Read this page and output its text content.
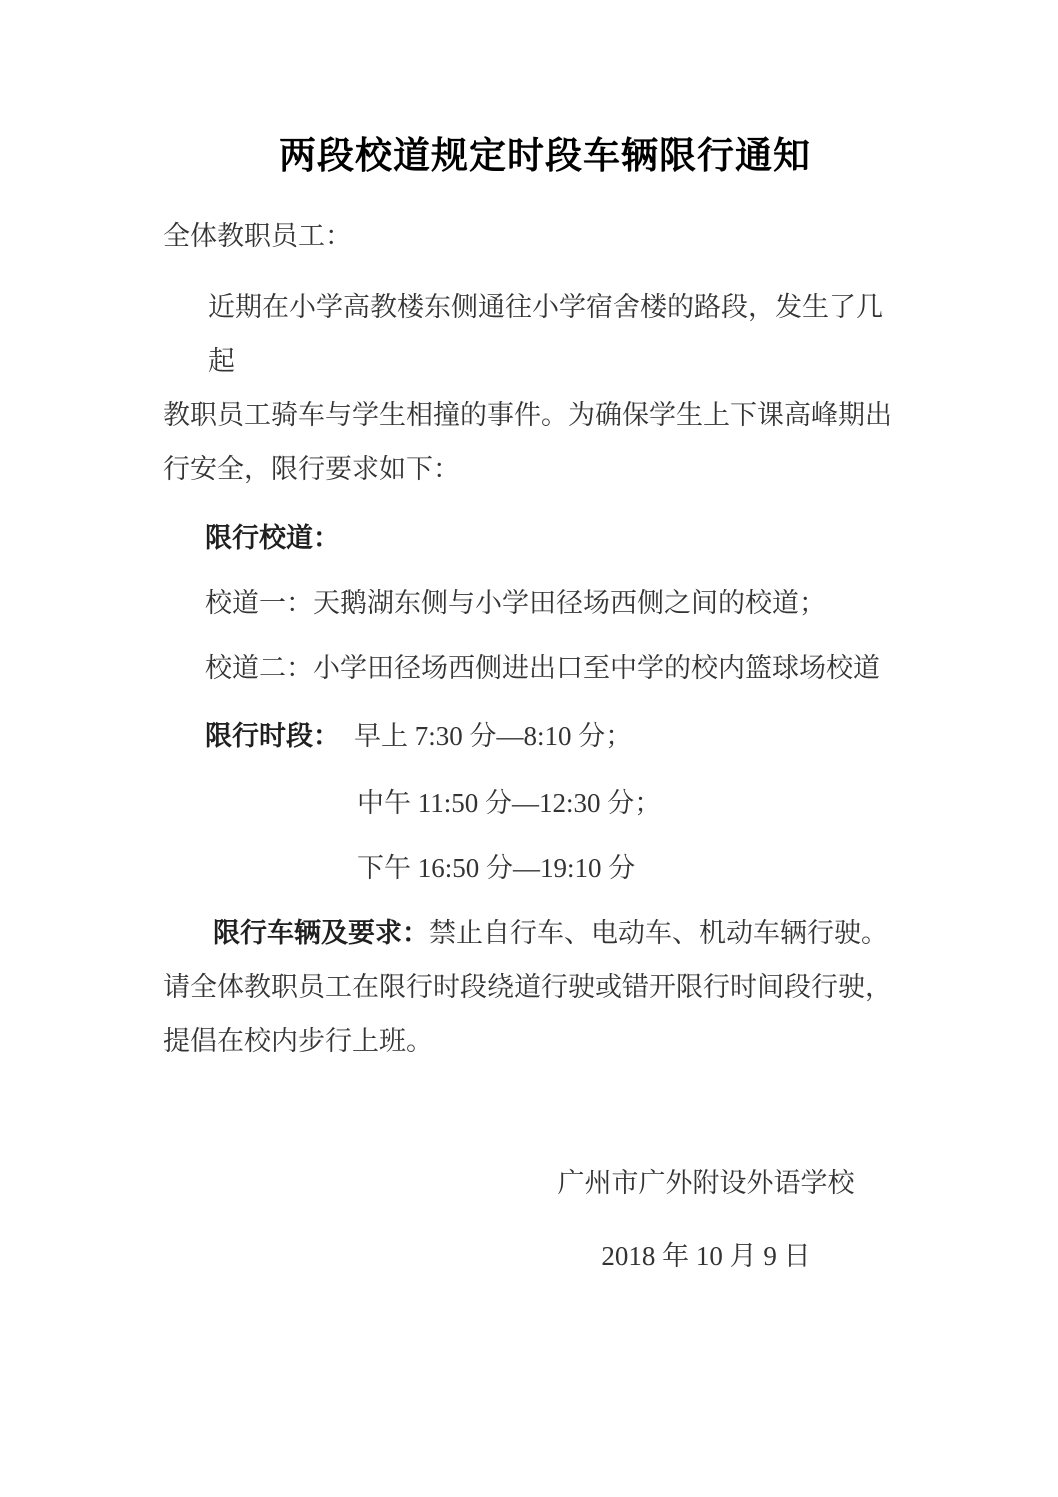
两段校道规定时段车辆限行通知
全体教职员工：
近期在小学高教楼东侧通往小学宿舍楼的路段，发生了几起
教职员工骑车与学生相撞的事件。为确保学生上下课高峰期出
行安全，限行要求如下：
限行校道：
校道一：天鹅湖东侧与小学田径场西侧之间的校道；
校道二：小学田径场西侧进出口至中学的校内篮球场校道
限行时段： 早上 7:30 分—8:10 分；
中午 11:50 分—12:30 分；
下午 16:50 分—19:10 分
限行车辆及要求：禁止自行车、电动车、机动车辆行驶。
请全体教职员工在限行时段绕道行驶或错开限行时间段行驶，
提倡在校内步行上班。
广州市广外附设外语学校
2018 年 10 月 9 日
